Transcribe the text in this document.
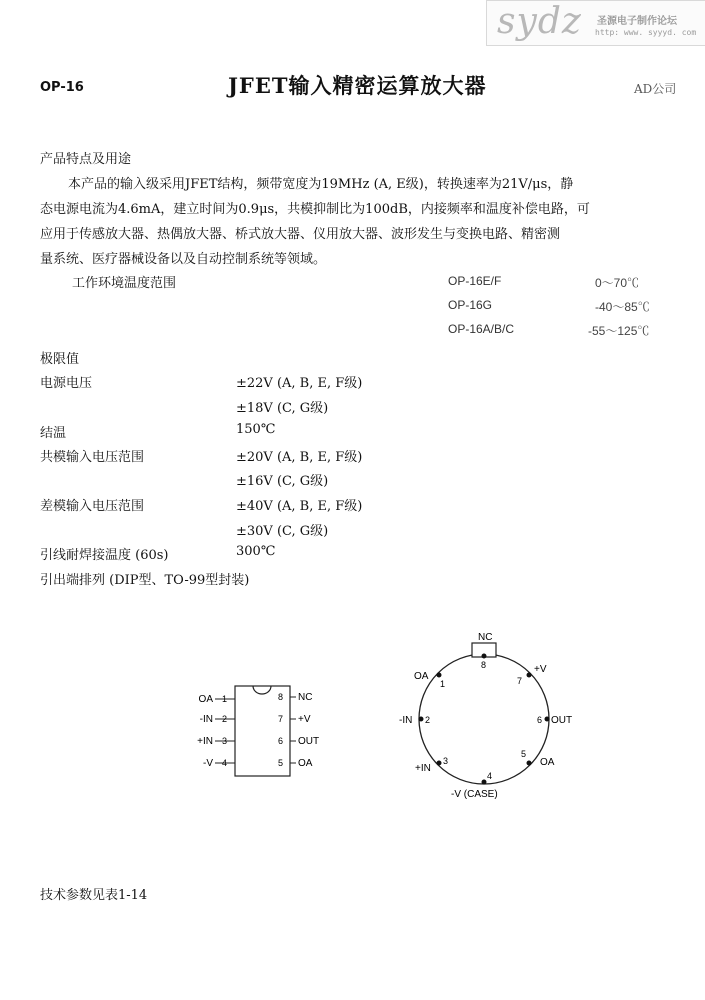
sydz 圣源电子制作论坛
http: www. syyyd. com
OP-16	JFET输入精密运算放大器	AD公司
产品特点及用途
本产品的输入级采用JFET结构，频带宽度为19MHz (A, E级)，转换速率为21V/μs，静
态电源电流为4.6mA，建立时间为0.9μs，共模抑制比为100dB，内接频率和温度补偿电路，可
应用于传感放大器、热偶放大器、桥式放大器、仪用放大器、波形发生与变换电路、精密测
量系统、医疗器械设备以及自动控制系统等领域。
工作环境温度范围	OP-16E/F	0～70℃
OP-16G	-40～85℃
OP-16A/B/C	-55～125℃
极限值
电源电压	±22V (A, B, E, F级)
±18V (C, G级)
结温	150℃
共模输入电压范围	±20V (A, B, E, F级)
±16V (C, G级)
差模输入电压范围	±40V (A, B, E, F级)
±30V (C, G级)
引线耐焊接温度 (60s)	300℃
引出端排列 (DIP型、TO-99型封装)
OA 1
-IN 2
+IN 3
-V 4
8 NC
7 +V
6 OUT
5 OA
NC
8
OA
1
+V
7
-IN 2	6 OUT
+IN
3
5
OA
-V (CASE)
4
技术参数见表1-14
